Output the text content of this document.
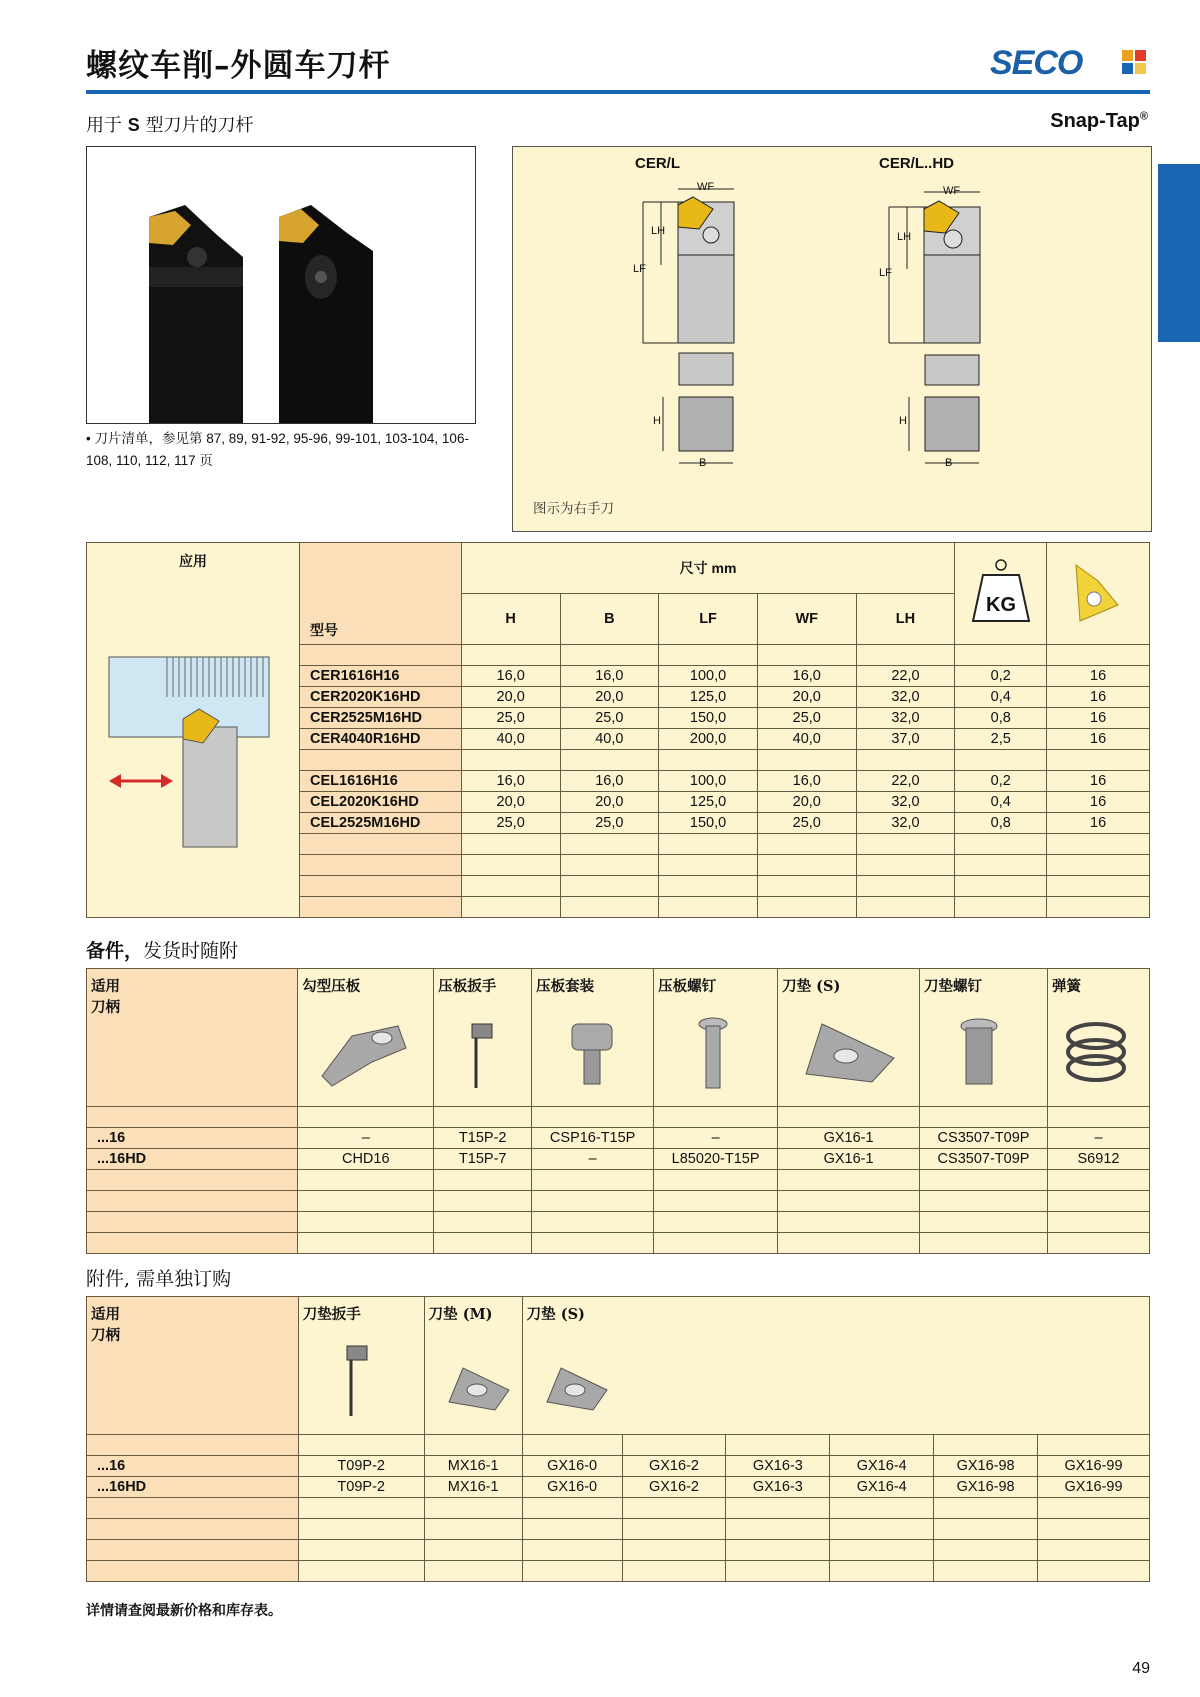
螺纹车削–外圆车刀杆	SECO
用于 S 型刀片的刀杆	Snap-Tap®
• 刀片清单，参见第 87, 89, 91-92, 95-96, 99-101, 103-104, 106-108, 110, 112, 117 页
CER/L	CER/L..HD
WF
LH
LF
H
B
WF
LH
LF
H
B
图示为右手刀
应用	型号	尺寸 mm					KG

		H	B	LF	WF	LH		

	CER1616H16	16,0	16,0	100,0	16,0	22,0	0,2	16
	CER2020K16HD	20,0	20,0	125,0	20,0	32,0	0,4	16
	CER2525M16HD	25,0	25,0	150,0	25,0	32,0	0,8	16
	CER4040R16HD	40,0	40,0	200,0	40,0	37,0	2,5	16

	CEL1616H16	16,0	16,0	100,0	16,0	22,0	0,2	16
	CEL2020K16HD	20,0	20,0	125,0	20,0	32,0	0,4	16
	CEL2525M16HD	25,0	25,0	150,0	25,0	32,0	0,8	16

备件，发货时随附
适用
刀柄	勾型压板	压板扳手	压板套装	压板螺钉	刀垫 (S)	刀垫螺钉	弹簧

...16	–	T15P-2	CSP16-T15P	–	GX16-1	CS3507-T09P	–
...16HD	CHD16	T15P-7	–	L85020-T15P	GX16-1	CS3507-T09P	S6912

附件, 需单独订购
适用
刀柄	刀垫扳手	刀垫 (M)	刀垫 (S)					

...16	T09P-2	MX16-1	GX16-0	GX16-2	GX16-3	GX16-4	GX16-98	GX16-99
...16HD	T09P-2	MX16-1	GX16-0	GX16-2	GX16-3	GX16-4	GX16-98	GX16-99

详情请查阅最新价格和库存表。
49
